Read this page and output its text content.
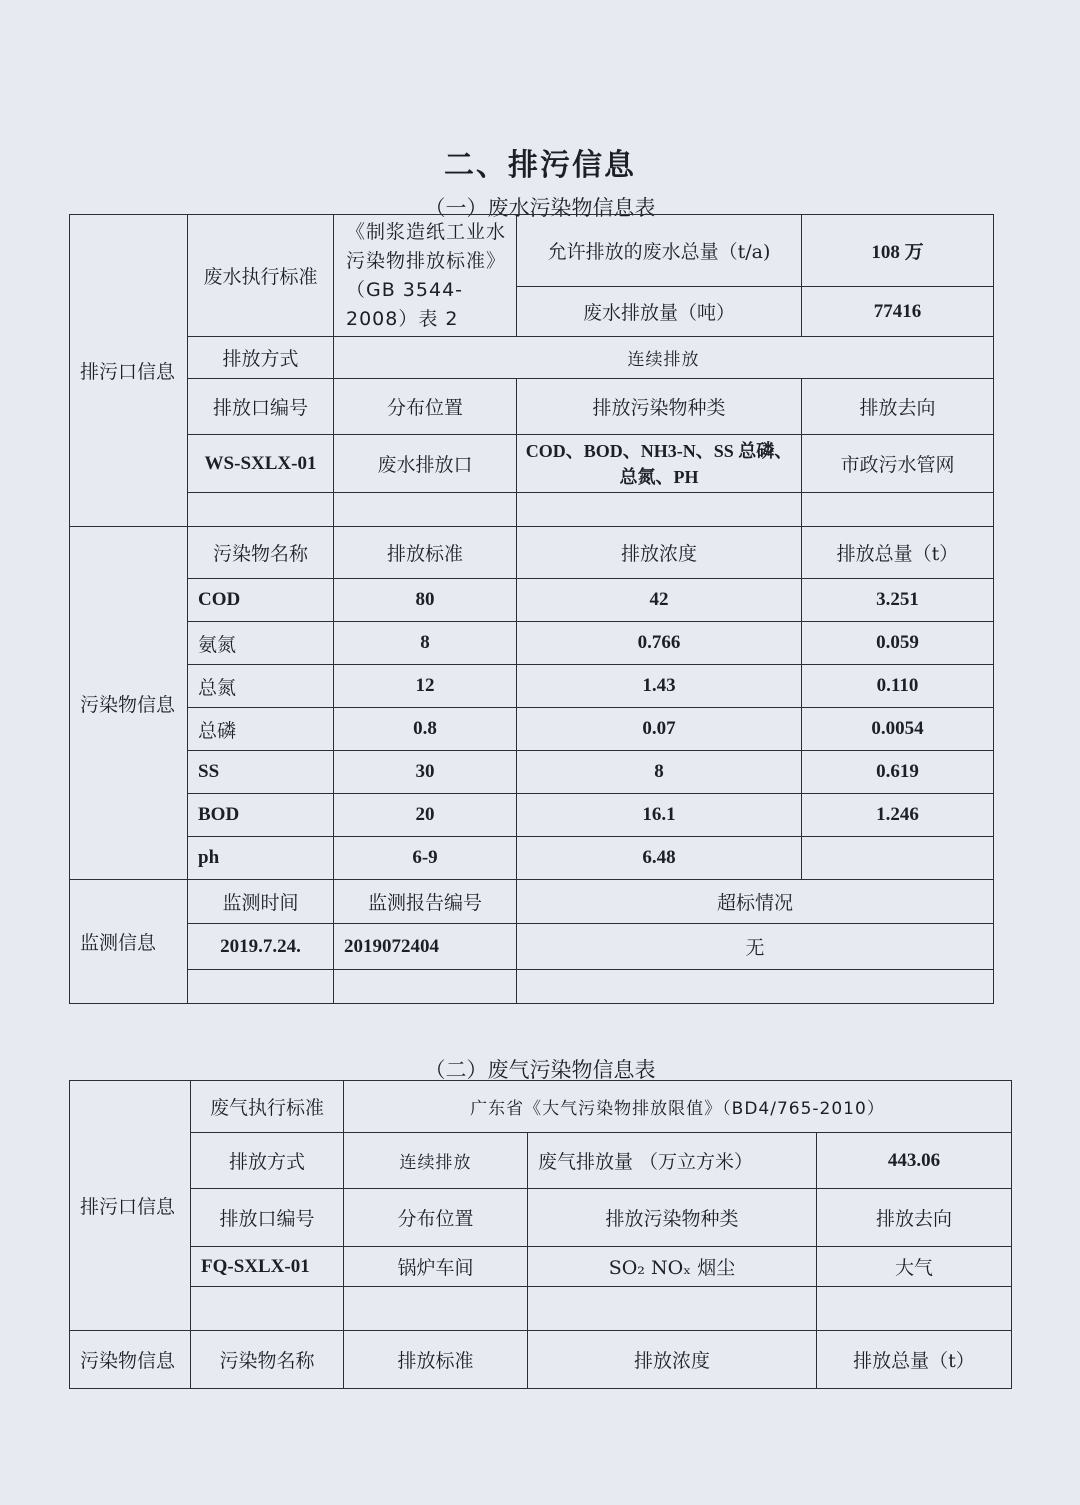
二、排污信息
（一）废水污染物信息表
排污口信息	废水执行标准	《制浆造纸工业水污染物排放标准》（GB 3544-2008）表 2	允许排放的废水总量（t/a)	108 万
			废水排放量（吨）	77416
	排放方式	连续排放		
	排放口编号	分布位置	排放污染物种类	排放去向
	WS-SXLX-01	废水排放口	COD、BOD、NH3-N、SS 总磷、总氮、PH	市政污水管网

污染物信息	污染物名称	排放标准	排放浓度	排放总量（t）
	COD	80	42	3.251
	氨氮	8	0.766	0.059
	总氮	12	1.43	0.110
	总磷	0.8	0.07	0.0054
	SS	30	8	0.619
	BOD	20	16.1	1.246
	ph	6-9	6.48	
监测信息	监测时间	监测报告编号	超标情况	
	2019.7.24.	2019072404	无	

（二）废气污染物信息表
排污口信息	废气执行标准	广东省《大气污染物排放限值》（BD4/765-2010）		
	排放方式	连续排放	废气排放量 （万立方米）	443.06
	排放口编号	分布位置	排放污染物种类	排放去向
	FQ-SXLX-01	锅炉车间	SO₂ NOₓ 烟尘	大气

污染物信息	污染物名称	排放标准	排放浓度	排放总量（t）
